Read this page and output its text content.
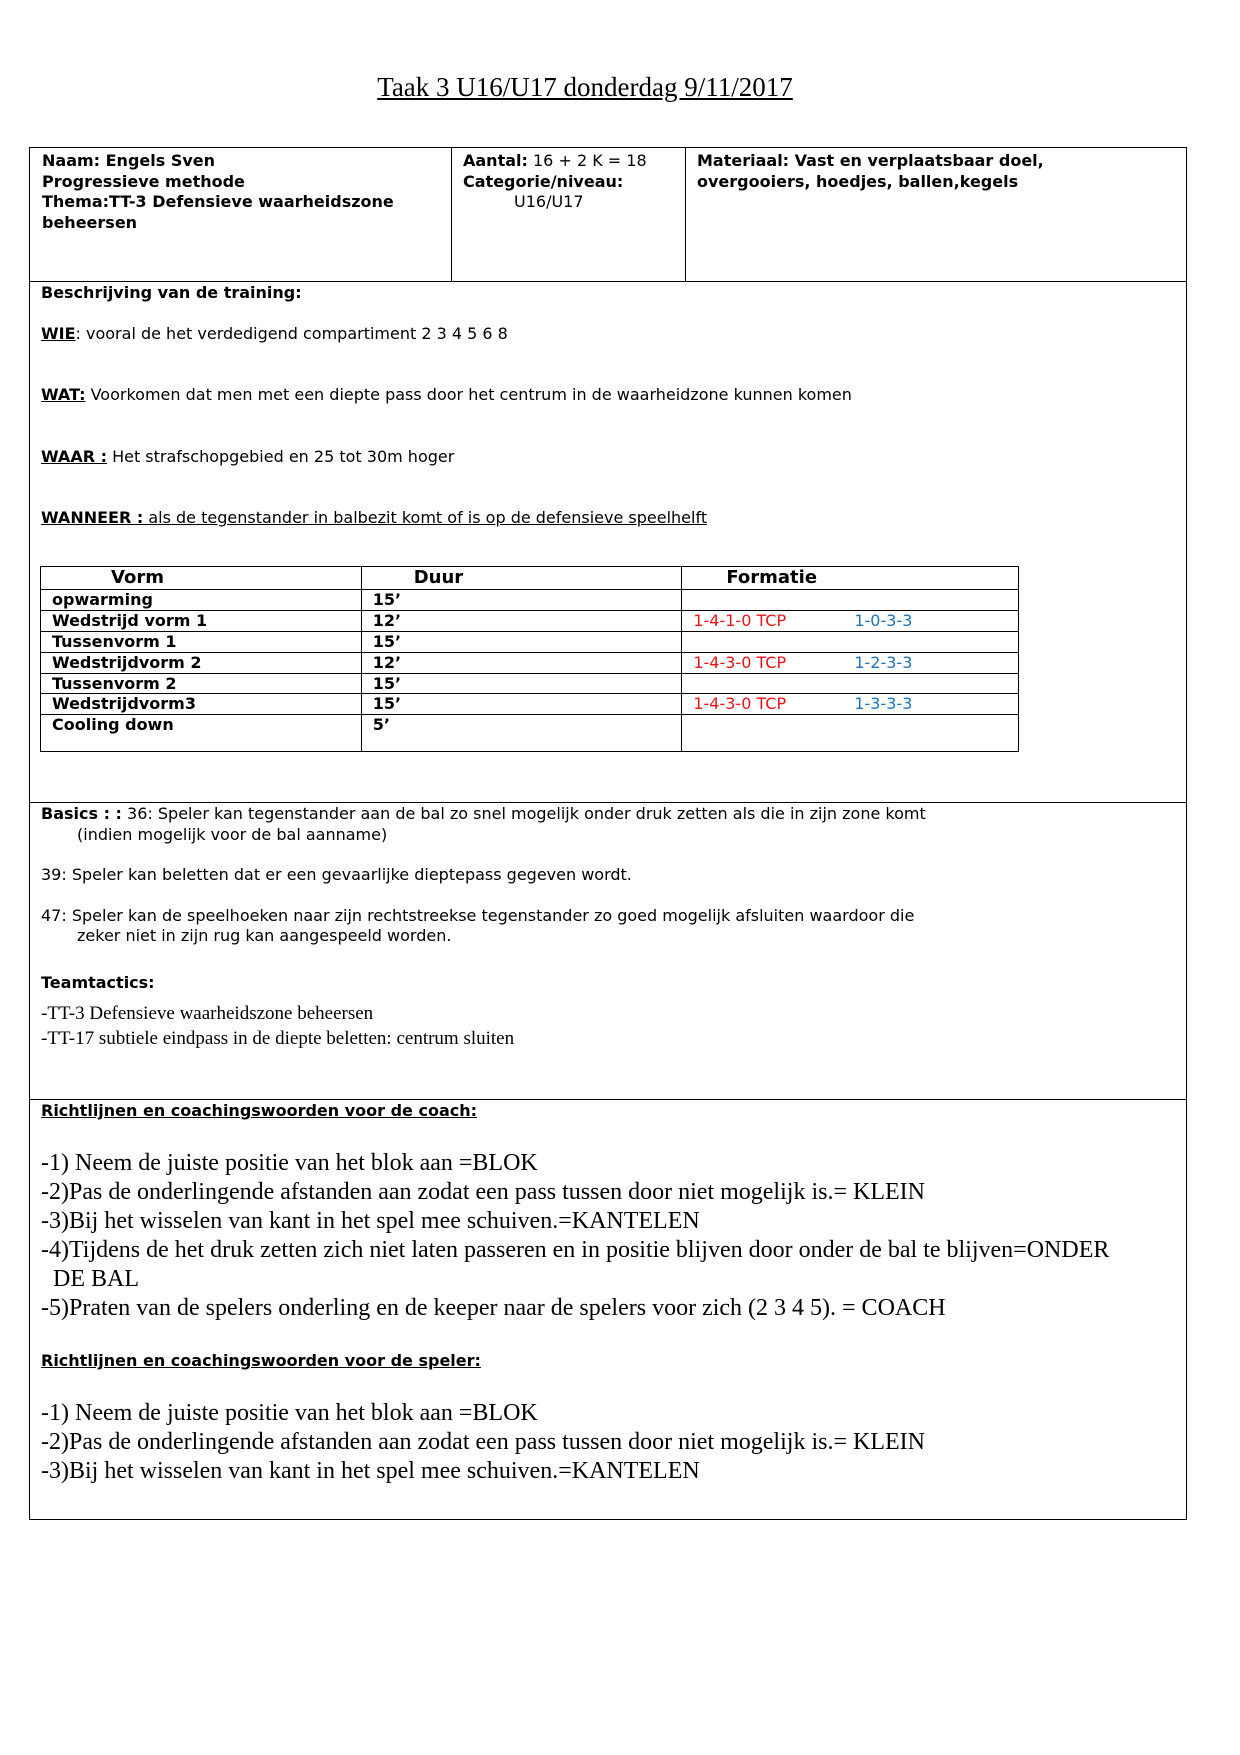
Taak 3 U16/U17 donderdag 9/11/2017
Naam: Engels Sven
Progressieve methode
Thema:TT-3 Defensieve waarheidszone
beheersen
Aantal: 16 + 2 K = 18
Categorie/niveau:
U16/U17
Materiaal: Vast en verplaatsbaar doel,
overgooiers, hoedjes, ballen,kegels
Beschrijving van de training:
WIE: vooral de het verdedigend compartiment 2 3 4 5 6 8
WAT: Voorkomen dat men met een diepte pass door het centrum in de waarheidzone kunnen komen
WAAR : Het strafschopgebied en 25 tot 30m hoger
WANNEER : als de tegenstander in balbezit komt of is op de defensieve speelhelft
Vorm	Duur	Formatie
opwarming	15’	

Wedstrijd vorm 1	12’	1-4-1-0 TCP 1-0-3-3

Tussenvorm 1	15’	

Wedstrijdvorm 2	12’	1-4-3-0 TCP 1-2-3-3

Tussenvorm 2	15’	

Wedstrijdvorm3	15’	1-4-3-0 TCP 1-3-3-3

Cooling down	5’	
Basics : : 36: Speler kan tegenstander aan de bal zo snel mogelijk onder druk zetten als die in zijn zone komt
(indien mogelijk voor de bal aanname)
39: Speler kan beletten dat er een gevaarlijke dieptepass gegeven wordt.
47: Speler kan de speelhoeken naar zijn rechtstreekse tegenstander zo goed mogelijk afsluiten waardoor die
zeker niet in zijn rug kan aangespeeld worden.
Teamtactics:
-TT-3 Defensieve waarheidszone beheersen
-TT-17 subtiele eindpass in de diepte beletten: centrum sluiten
Richtlijnen en coachingswoorden voor de coach:
-1) Neem de juiste positie van het blok aan =BLOK
-2)Pas de onderlingende afstanden aan zodat een pass tussen door niet mogelijk is.= KLEIN
-3)Bij het wisselen van kant in het spel mee schuiven.=KANTELEN
-4)Tijdens de het druk zetten zich niet laten passeren en in positie blijven door onder de bal te blijven=ONDER
DE BAL
-5)Praten van de spelers onderling en de keeper naar de spelers voor zich (2 3 4 5). = COACH
Richtlijnen en coachingswoorden voor de speler:
-1) Neem de juiste positie van het blok aan =BLOK
-2)Pas de onderlingende afstanden aan zodat een pass tussen door niet mogelijk is.= KLEIN
-3)Bij het wisselen van kant in het spel mee schuiven.=KANTELEN
